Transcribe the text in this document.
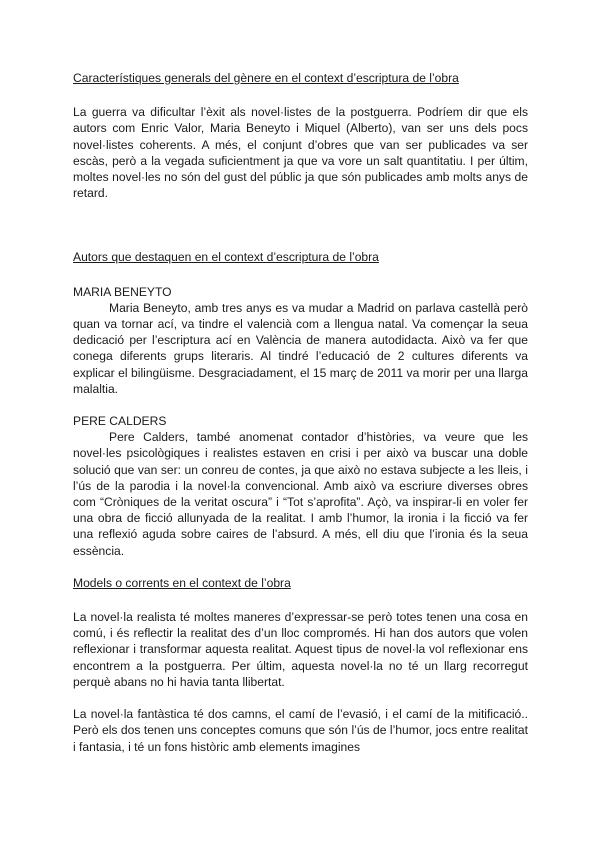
Característiques generals del gènere en el context d’escriptura de l’obra

La guerra va dificultar l’èxit als novel·listes de la postguerra. Podríem dir que els autors com Enric Valor, Maria Beneyto i Miquel (Alberto), van ser uns dels pocs novel·listes coherents. A més, el conjunt d’obres que van ser publicades va ser escàs, però a la vegada suficientment ja que va vore un salt quantitatiu. I per últim, moltes novel·les no són del gust del públic ja que són publicades amb molts anys de retard.

Autors que destaquen en el context d’escriptura de l’obra

MARIA BENEYTO

Maria Beneyto, amb tres anys es va mudar a Madrid on parlava castellà però quan va tornar ací, va tindre el valencià com a llengua natal. Va començar la seua dedicació per l’escriptura ací en València de manera autodidacta. Això va fer que conega diferents grups literaris. Al tindré l’educació de 2 cultures diferents va explicar el bilingüisme. Desgraciadament, el 15 març de 2011 va morir per una llarga malaltia.

PERE CALDERS

Pere Calders, també anomenat contador d’històries, va veure que les novel·les psicològiques i realistes estaven en crisi i per això va buscar una doble solució que van ser: un conreu de contes, ja que això no estava subjecte a les lleis, i l’ús de la parodia i la novel·la convencional. Amb això va escriure diverses obres com “Cròniques de la veritat oscura” i “Tot s’aprofita”. Açò, va inspirar-li en voler fer una obra de ficció allunyada de la realitat. I amb l’humor, la ironia i la ficció va fer una reflexió aguda sobre caires de l’absurd. A més, ell diu que l’ironia és la seua essència.

Models o corrents en el context de l’obra

La novel·la realista té moltes maneres d’expressar-se però totes tenen una cosa en comú, i és reflectir la realitat des d’un lloc compromés. Hi han dos autors que volen reflexionar i transformar aquesta realitat. Aquest tipus de novel·la vol reflexionar ens encontrem a la postguerra. Per últim, aquesta novel·la no té un llarg recorregut perquè abans no hi havia tanta llibertat.

La novel·la fantàstica té dos camns, el camí de l’evasió, i el camí de la mitificació.. Però els dos tenen uns conceptes comuns que són l’ús de l’humor, jocs entre realitat i fantasia, i té un fons històric amb elements imagines
